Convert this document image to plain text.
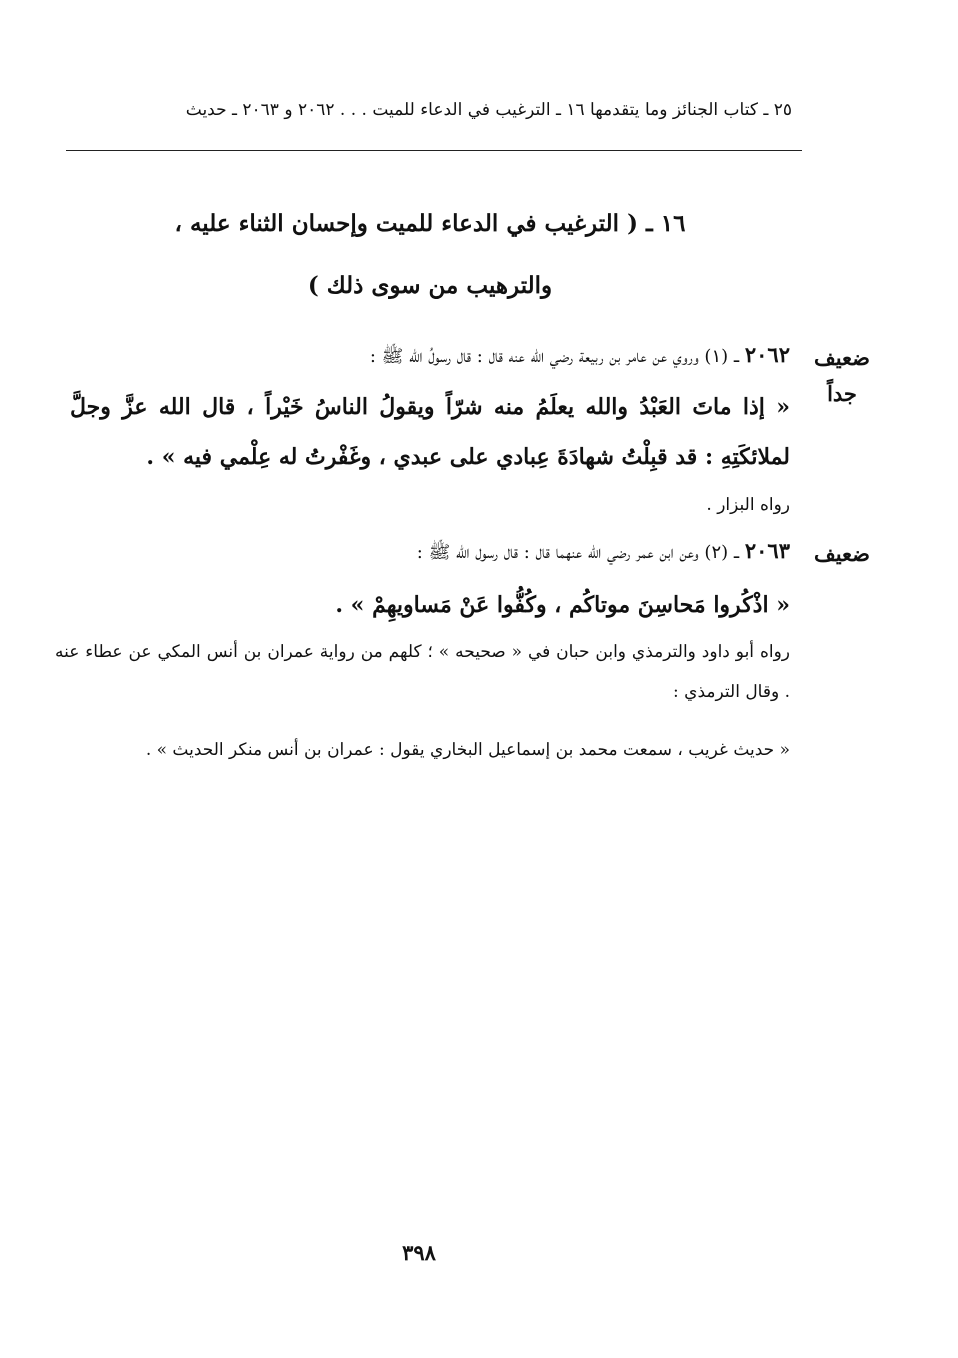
٢٥ ـ كتاب الجنائز وما يتقدمها ١٦ ـ الترغيب في الدعاء للميت . . . ٢٠٦٢ و ٢٠٦٣ ـ حديث
١٦ ـ ( الترغيب في الدعاء للميت وإحسان الثناء عليه ،
والترهيب من سوى ذلك )
ضعيف جداً
٢٠٦٢ ـ (١) وروي عن عامر بن ربيعة رضي الله عنه قال : قال رسولُ الله ﷺ :
« إذا ماتَ العَبْدُ والله يعلَمُ منه شرّاً ويقولُ الناسُ خَيْراً ، قال الله عزَّ وجلَّ لملائكَتِهِ : قد قبِلْتُ شهادَةَ عِبادي على عبدي ، وغَفْرتُ له عِلْمي فيه » .
رواه البزار .
ضعيف
٢٠٦٣ ـ (٢) وعن ابن عمر رضي الله عنهما قال : قال رسول الله ﷺ :
« اذْكُروا مَحاسِنَ موتاكُم ، وكُفُّوا عَنْ مَساويهِمْ » .
رواه أبو داود والترمذي وابن حبان في « صحيحه » ؛ كلهم من رواية عمران بن أنس المكي عن عطاء عنه . وقال الترمذي :
« حديث غريب ، سمعت محمد بن إسماعيل البخاري يقول : عمران بن أنس منكر الحديث » .
٣٩٨
